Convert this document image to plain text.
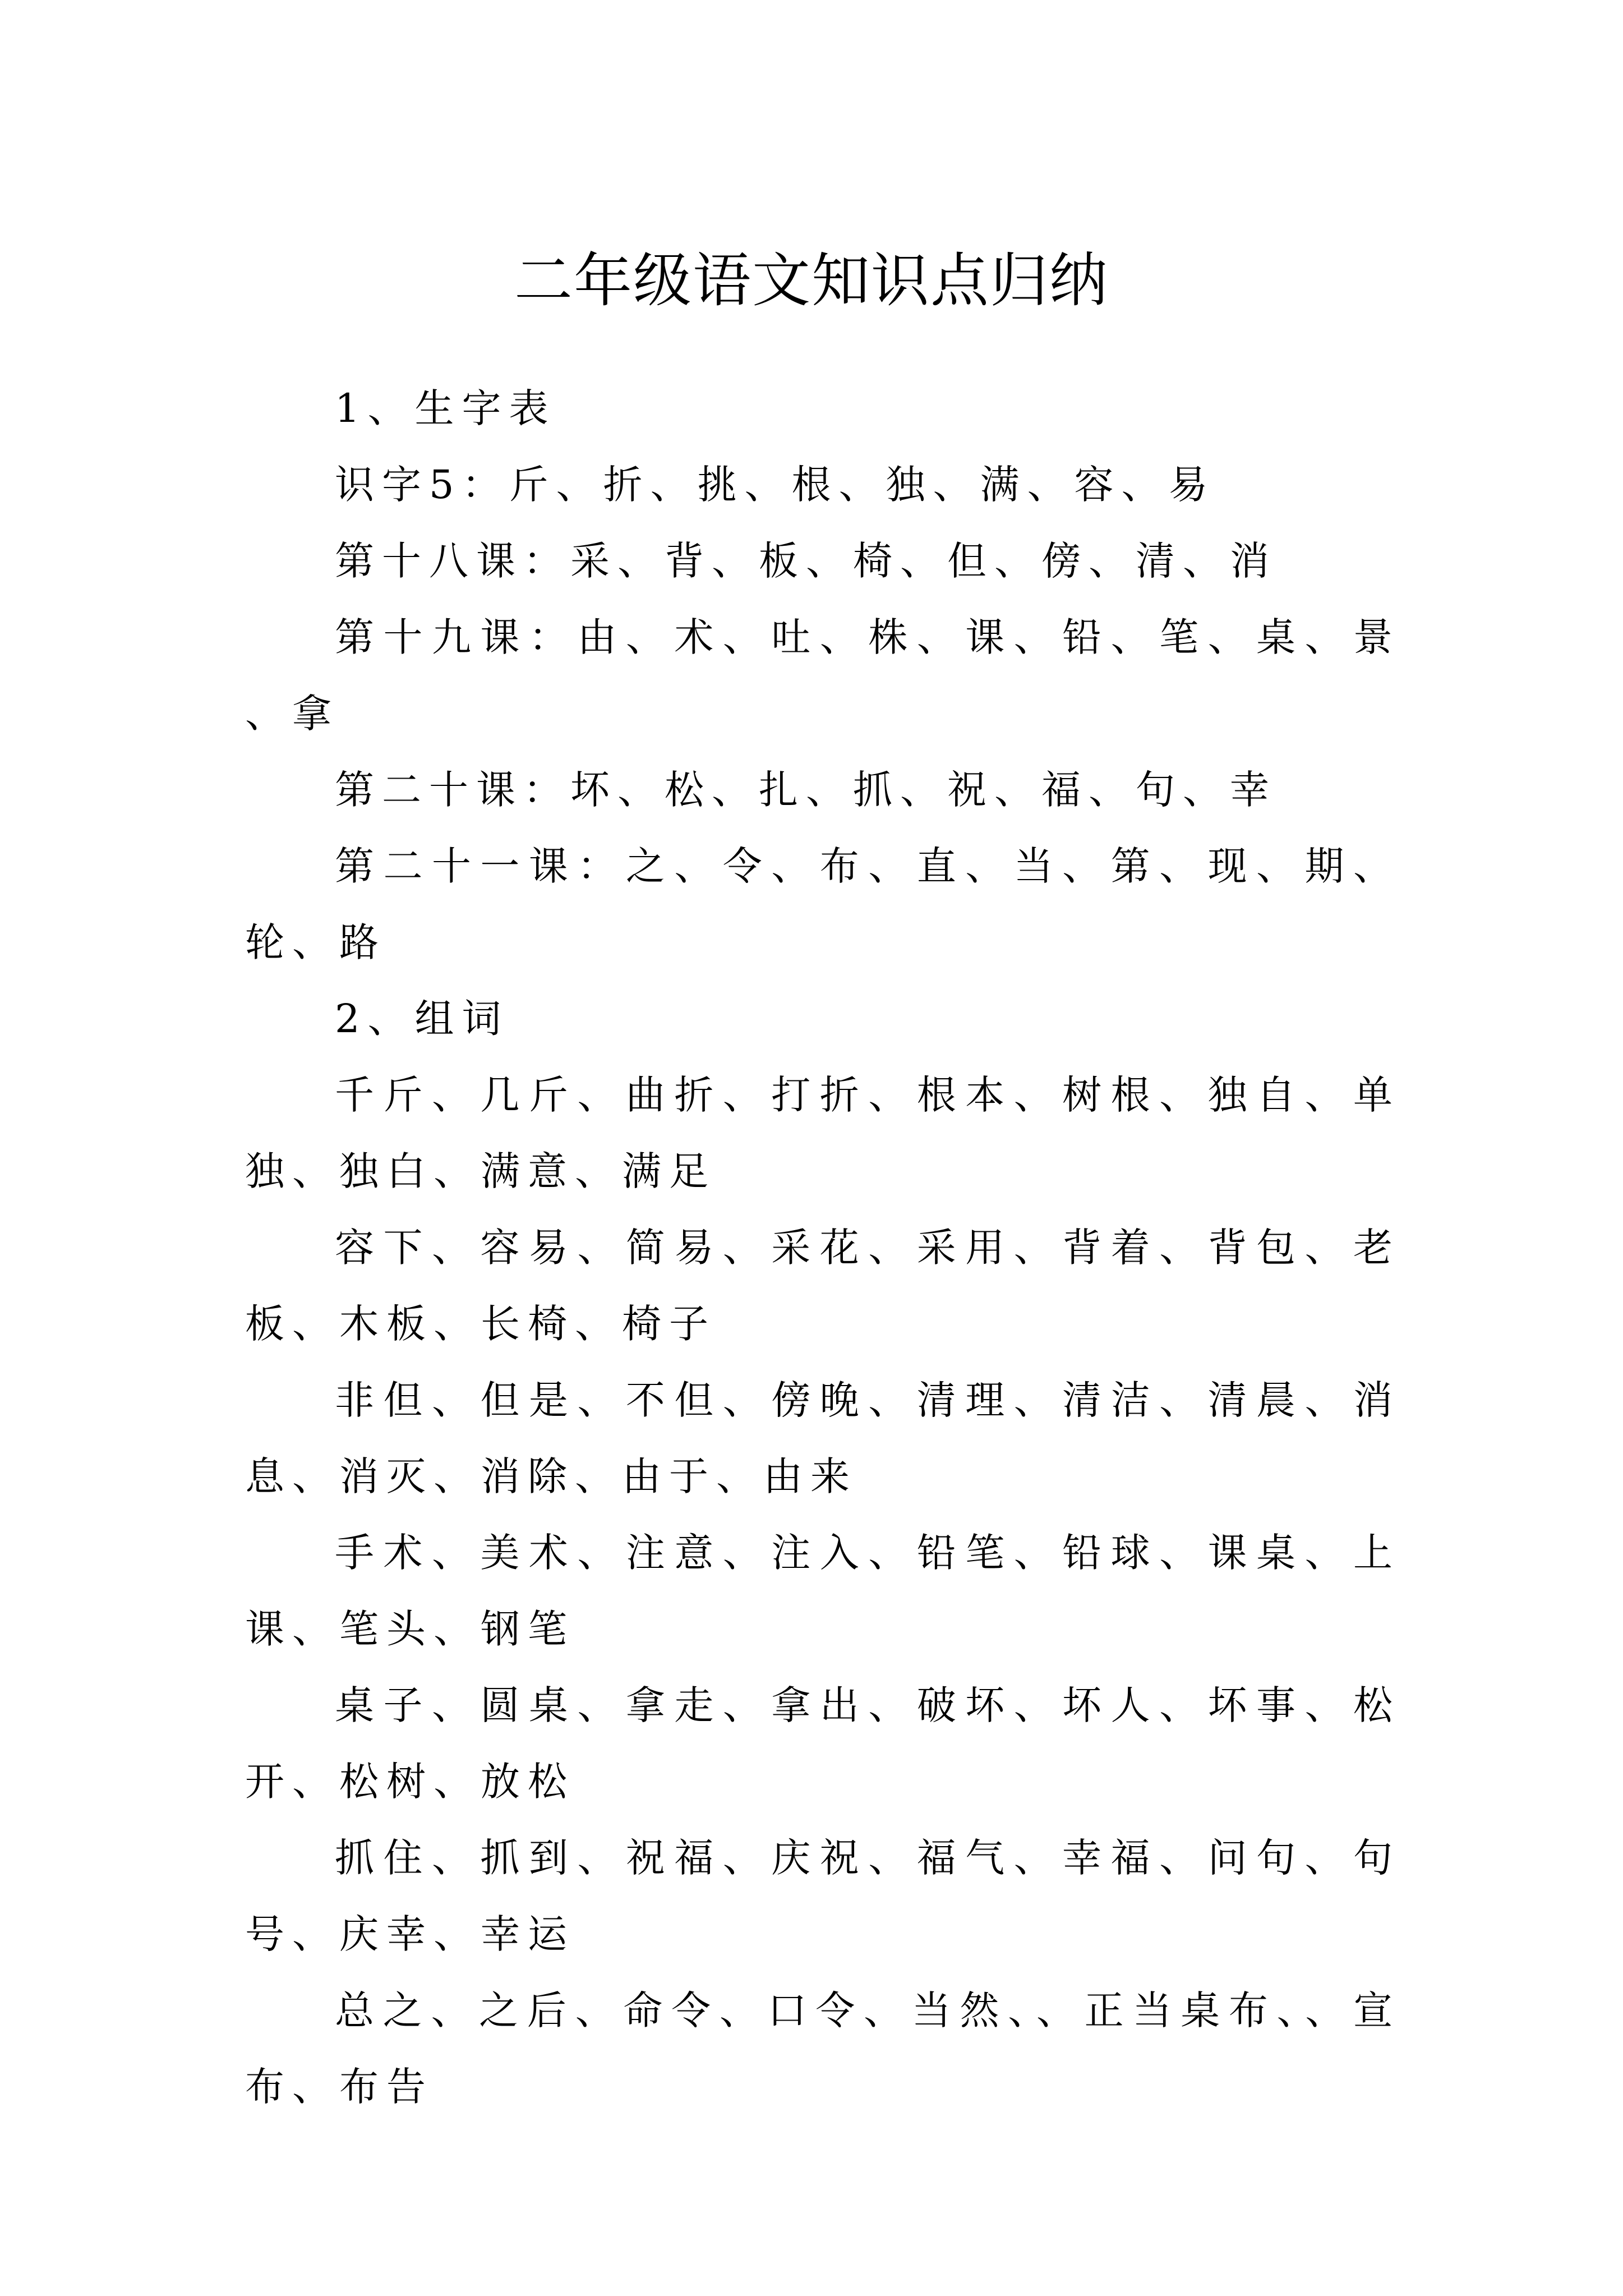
二年级语文知识点归纳

1、生字表

识字5：斤、折、挑、根、独、满、容、易

第十八课：采、背、板、椅、但、傍、清、消

第十九课：由、术、吐、株、课、铅、笔、桌、景、拿

第二十课：坏、松、扎、抓、祝、福、句、幸

第二十一课：之、令、布、直、当、第、现、期、轮、路

2、组词

千斤、几斤、曲折、打折、根本、树根、独自、单独、独白、满意、满足

容下、容易、简易、采花、采用、背着、背包、老板、木板、长椅、椅子

非但、但是、不但、傍晚、清理、清洁、清晨、消息、消灭、消除、由于、由来

手术、美术、注意、注入、铅笔、铅球、课桌、上课、笔头、钢笔

桌子、圆桌、拿走、拿出、破坏、坏人、坏事、松开、松树、放松

抓住、抓到、祝福、庆祝、福气、幸福、问句、句号、庆幸、幸运

总之、之后、命令、口令、当然、、正当桌布、、宣布、布告
